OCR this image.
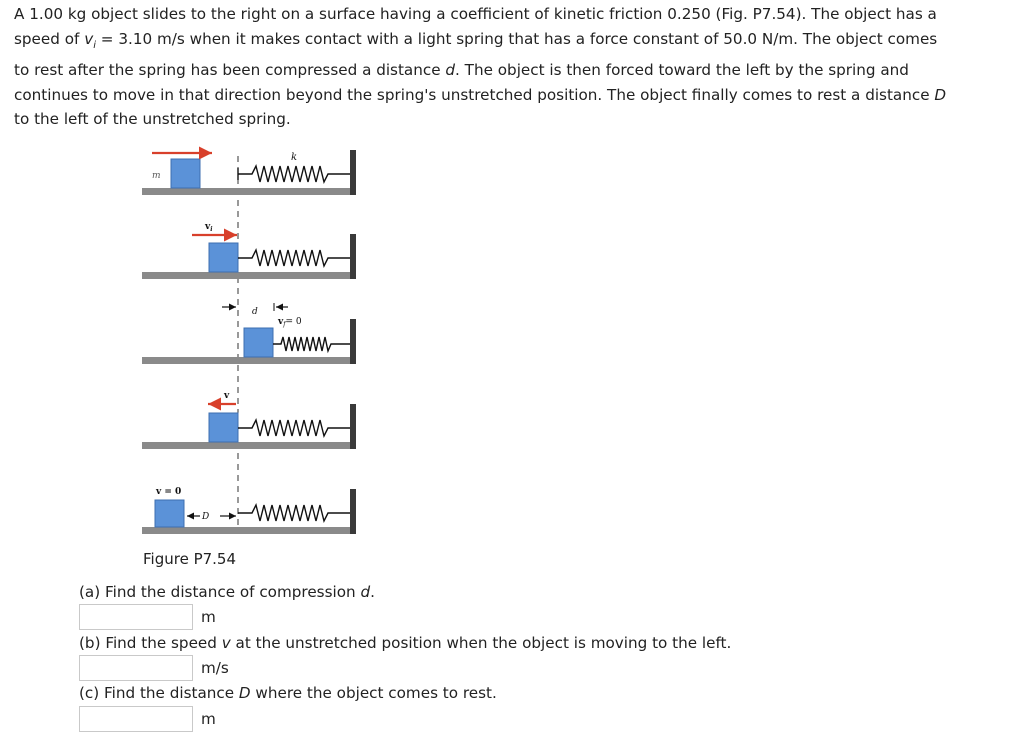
A 1.00 kg object slides to the right on a surface having a coefficient of kinetic friction 0.250 (Fig. P7.54). The object has a
speed of $v_i = 3.10$ m/s when it makes contact with a light spring that has a force constant of 50.0 N/m. The object comes
to rest after the spring has been compressed a distance d. The object is then forced toward the left by the spring and
continues to move in that direction beyond the spring's unstretched position. The object finally comes to rest a distance D
to the left of the unstretched spring.
m
k
$v_i$
d
$v_f= 0$
v
v = 0
D
Figure P7.54
(a) Find the distance of compression d.
m
(b) Find the speed v at the unstretched position when the object is moving to the left.
m/s
(c) Find the distance D where the object comes to rest.
m
